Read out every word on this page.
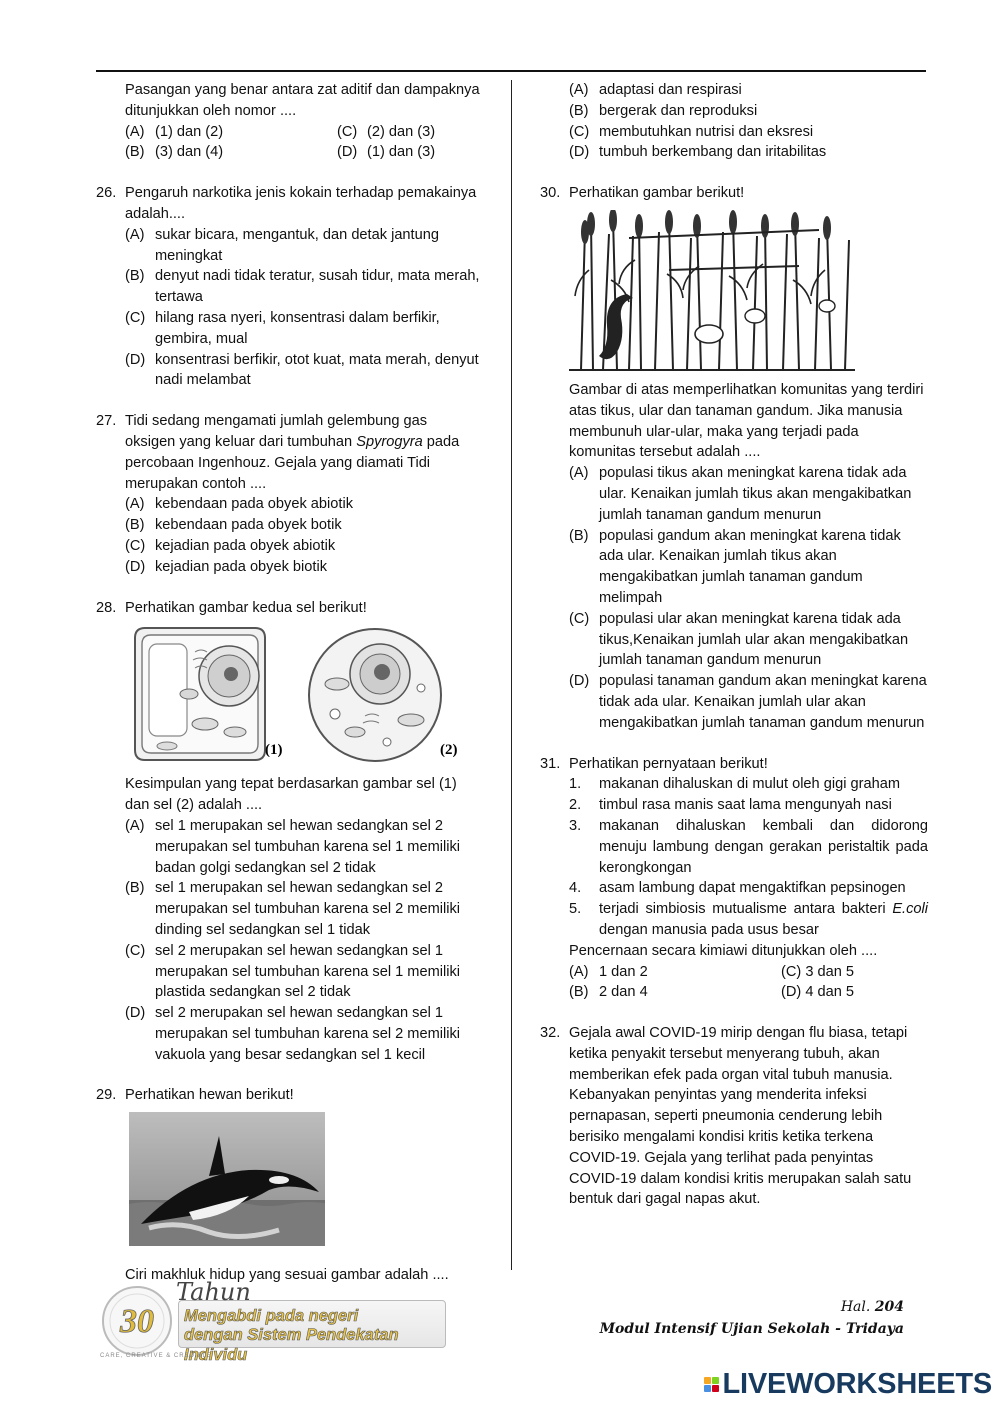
Pasangan yang benar antara zat aditif dan dampaknya ditunjukkan oleh nomor ....
(A) (1) dan (2)	(C) (2) dan (3)
(B) (3) dan (4)	(D) (1) dan (3)
26. Pengaruh narkotika jenis kokain terhadap pemakainya adalah....
(A) sukar bicara, mengantuk, dan detak jantung meningkat
(B) denyut nadi tidak teratur, susah tidur, mata merah, tertawa
(C) hilang rasa nyeri, konsentrasi dalam berfikir, gembira, mual
(D) konsentrasi berfikir, otot kuat, mata merah, denyut nadi melambat
27. Tidi sedang mengamati jumlah gelembung gas oksigen yang keluar dari tumbuhan Spyrogyra pada percobaan Ingenhouz. Gejala yang diamati Tidi merupakan contoh ....
(A) kebendaan pada obyek abiotik
(B) kebendaan pada obyek botik
(C) kejadian pada obyek abiotik
(D) kejadian pada obyek biotik
28. Perhatikan gambar kedua sel berikut!
(1)	(2)
Kesimpulan yang tepat berdasarkan gambar sel (1) dan sel (2) adalah ....
(A) sel 1 merupakan sel hewan sedangkan sel 2 merupakan sel tumbuhan karena sel 1 memiliki badan golgi sedangkan sel 2 tidak
(B) sel 1 merupakan sel hewan sedangkan sel 2 merupakan sel tumbuhan karena sel 2 memiliki dinding sel sedangkan sel 1 tidak
(C) sel 2 merupakan sel hewan sedangkan sel 1 merupakan sel tumbuhan karena sel 1 memiliki plastida sedangkan sel 2 tidak
(D) sel 2 merupakan sel hewan sedangkan sel 1 merupakan sel tumbuhan karena sel 2 memiliki vakuola yang besar sedangkan sel 1 kecil
29. Perhatikan hewan berikut!
Ciri makhluk hidup yang sesuai gambar adalah ....
(A) adaptasi dan respirasi
(B) bergerak dan reproduksi
(C) membutuhkan nutrisi dan eksresi
(D) tumbuh berkembang dan iritabilitas
30. Perhatikan gambar berikut!
Gambar di atas memperlihatkan komunitas yang terdiri atas tikus, ular dan tanaman gandum. Jika manusia membunuh ular-ular, maka yang terjadi pada komunitas tersebut adalah ....
(A) populasi tikus akan meningkat karena tidak ada ular. Kenaikan jumlah tikus akan mengakibatkan jumlah tanaman gandum menurun
(B) populasi gandum akan meningkat karena tidak ada ular. Kenaikan jumlah tikus akan mengakibatkan jumlah tanaman gandum melimpah
(C) populasi ular akan meningkat karena tidak ada tikus,Kenaikan jumlah ular akan mengakibatkan jumlah tanaman gandum menurun
(D) populasi tanaman gandum akan meningkat karena tidak ada ular. Kenaikan jumlah ular akan mengakibatkan jumlah tanaman gandum menurun
31. Perhatikan pernyataan berikut!
1. makanan dihaluskan di mulut oleh gigi graham
2. timbul rasa manis saat lama mengunyah nasi
3. makanan dihaluskan kembali dan didorong menuju lambung dengan gerakan peristaltik pada kerongkongan
4. asam lambung dapat mengaktifkan pepsinogen
5. terjadi simbiosis mutualisme antara bakteri E.coli dengan manusia pada usus besar
Pencernaan secara kimiawi ditunjukkan oleh ....
(A) 1 dan 2	(C) 3 dan 5
(B) 2 dan 4	(D) 4 dan 5
32. Gejala awal COVID-19 mirip dengan flu biasa, tetapi ketika penyakit tersebut menyerang tubuh, akan memberikan efek pada organ vital tubuh manusia. Kebanyakan penyintas yang menderita infeksi pernapasan, seperti pneumonia cenderung lebih berisiko mengalami kondisi kritis ketika terkena COVID-19. Gejala yang terlihat pada penyintas COVID-19 dalam kondisi kritis merupakan salah satu bentuk dari gagal napas akut.
30
Tahun
Mengabdi pada negeri
dengan Sistem Pendekatan Individu
CARE, CREATIVE & CREDIBLE
Hal. 204
Modul Intensif Ujian Sekolah - Tridaya
LIVEWORKSHEETS
